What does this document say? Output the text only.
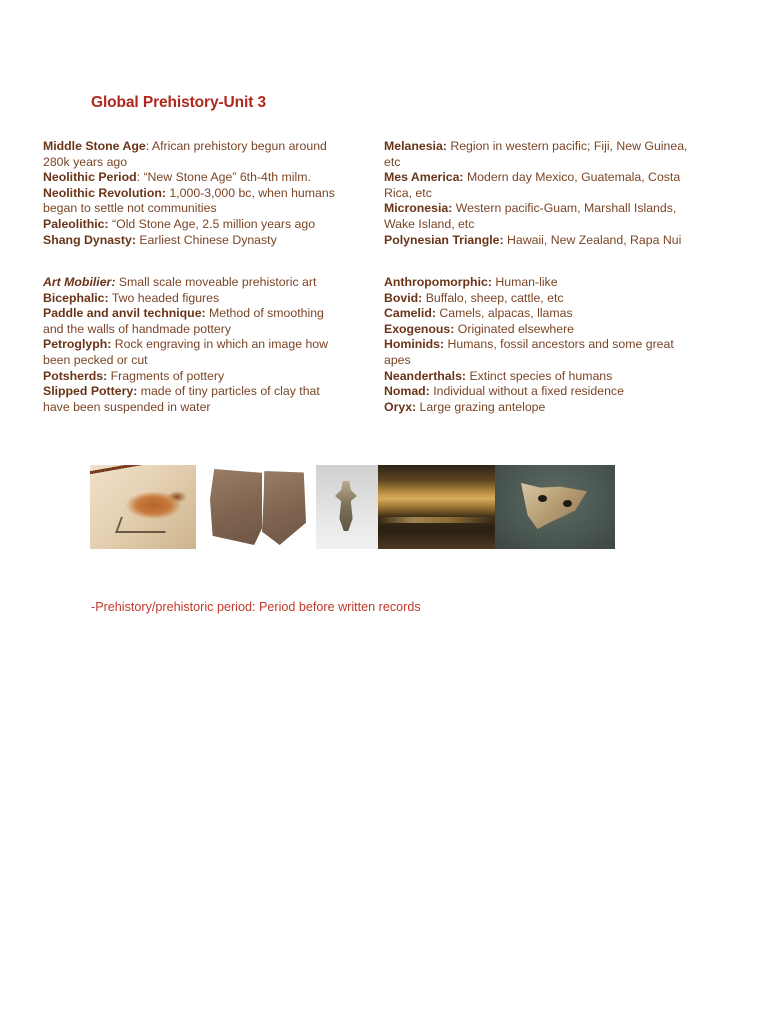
Global Prehistory-Unit 3

Middle Stone Age: African prehistory begun around 280k years ago

Neolithic Period: “New Stone Age” 6th-4th milm.

Neolithic Revolution: 1,000-3,000 bc, when humans began to settle not communities

Paleolithic: “Old Stone Age, 2.5 million years ago

Shang Dynasty: Earliest Chinese Dynasty

Melanesia: Region in western pacific; Fiji, New Guinea, etc

Mes America: Modern day Mexico, Guatemala, Costa Rica, etc

Micronesia: Western pacific-Guam, Marshall Islands, Wake Island, etc

Polynesian Triangle: Hawaii, New Zealand, Rapa Nui

Art Mobilier: Small scale moveable prehistoric art

Bicephalic: Two headed figures

Paddle and anvil technique: Method of smoothing and the walls of handmade pottery

Petroglyph: Rock engraving in which an image how been pecked or cut

Potsherds: Fragments of pottery

Slipped Pottery: made of tiny particles of clay that have been suspended in water

Anthropomorphic: Human-like

Bovid: Buffalo, sheep, cattle, etc

Camelid: Camels, alpacas, llamas

Exogenous: Originated elsewhere

Hominids: Humans, fossil ancestors and some great apes

Neanderthals: Extinct species of humans

Nomad: Individual without a fixed residence

Oryx: Large grazing antelope

-Prehistory/prehistoric period: Period before written records
